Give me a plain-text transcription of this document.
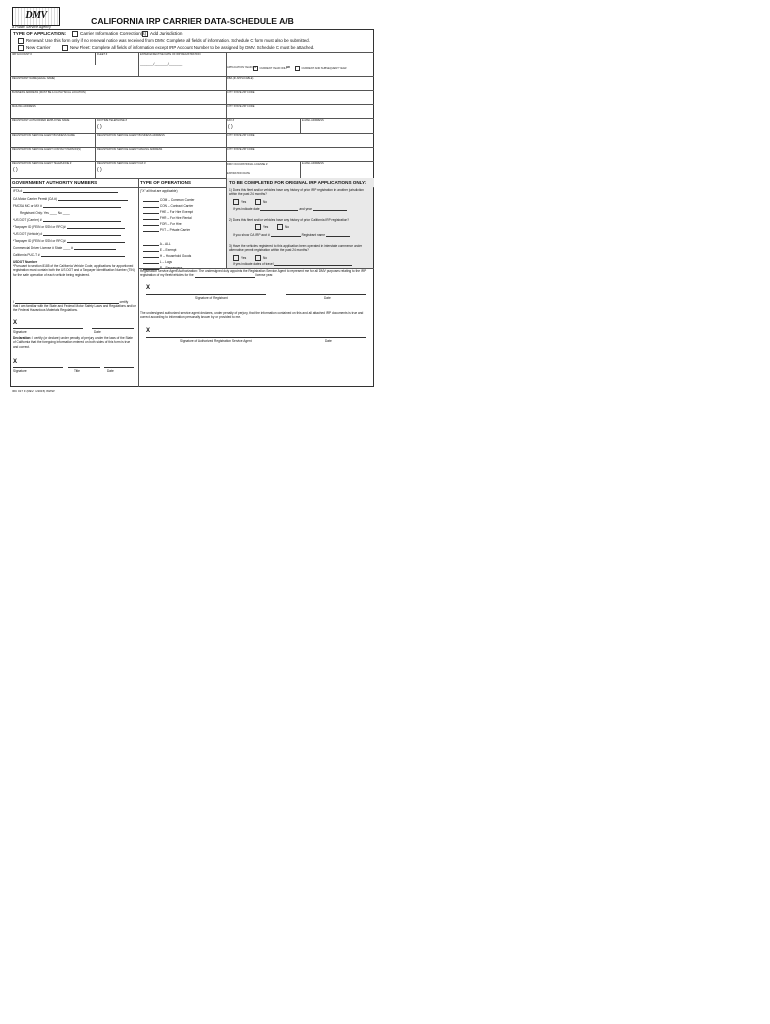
DMV
A Public Service Agency
CALIFORNIA IRP CARRIER DATA-SCHEDULE A/B
TYPE OF APPLICATION:	Carrier Information Correction(s) Add Jurisdiction
Renewal: Use this form only if no renewal notice was received from DMV. Complete all fields of information. Schedule C form must also be submitted.
New Carrier	New Fleet: Complete all fields of information except IRP Account Number to be assigned by DMV. Schedule C must be attached.
IRP ACCOUNT #	FLEET #	ENTER EFFECTIVE DATE OF IRP REGISTRATION
______/______/______
APPLICATION YEAR (IN	CURRENT YEAR ONLY
OR	CURRENT AND SUBSEQUENT YEAR
REGISTRANT NAME(LEGAL NAME)	DBA (IF APPLICABLE)
BUSINESS ADDRESS (MUST BE A CA PHYSICAL LOCATION)	CITY STATE ZIP CODE
MAILING ADDRESS	CITY STATE ZIP CODE
REGISTRANT AUTHORIZED EMPLOYEE NAME	DAYTIME TELEPHONE #
( )
FAX #
( )
E-MAIL ADDRESS
REGISTRATION SERVICE AGENT BUSINESS NAME	REGISTRATION SERVICE AGENT BUSINESS ADDRESS	CITY STATE ZIP CODE
REGISTRATION SERVICE AGENT CONTACT PERSON(S)	REGISTRATION SERVICE AGENT MAILING ADDRESS	CITY STATE ZIP CODE
REGISTRATION SERVICE AGENT TELEPHONE #
( )
REGISTRATION SERVICE AGENT FAX #
( )
DMV OCCUPATIONAL LICENSE #
EXPIRATION DATE
E-MAIL ADDRESS
GOVERNMENT AUTHORITY NUMBERS	TYPE OF OPERATIONS	TO BE COMPLETED FOR ORIGINAL IRP APPLICATIONS ONLY:
IFTA #
CA Motor Carrier Permit (CA #)
FMCSA MC or MX #
Registrant Only: Yes ____ No ____
*US DOT (Carrier) #
*Taxpayer ID (FEIN or SSN or RFC)#
*US DOT (Vehicle) #
*Taxpayer ID (FEIN or SSN or RFC)#
Commercial Driver License # State ____ #
California PUC-T #
USDOT Number
*Pursuant to section 8185 of the California Vehicle Code, applications for apportioned registration must contain both the US DOT and a Taxpayer Identification Number (TIN) for the safe operation of each vehicle being registered.
("X" all that are applicable)
COM – Common Carrier
CON – Contract Carrier
FHE – For Hire Exempt
FHR – For Hire Rental
FOR – For Hire
PVT – Private Carrier
A – ALL
E – Exempt
H – Household Goods
L – Logs
P – Passengers
1) Does this fleet and/or vehicles have any history of prior IRP registration in another jurisdiction within the past 24 months?
Yes	No
If yes indicate date	and year
2) Does this fleet and/or vehicles have any history of prior California IRP registration?
Yes	No
If you show CA IRP acct #	Registrant name
3) Have the vehicles registered to this application been operated in interstate commerce under alternative permit registration within the past 24 months?
Yes	No
If yes indicate dates of travel
Registration Service Agent Authorization: The undersigned duly appoints the Registration Service Agent to represent me for all DMV purposes relating to the IRP registration of my fleet/vehicles for the	license year.
X
Signature of Registrant	Date
The undersigned authorized service agent declares, under penalty of perjury, that the information contained on this and all attached IRP documents is true and correct according to information personally known by or provided to me.
X
Signature of Authorized Registration Service Agent	Date
I	certify
that I am familiar with the State and Federal Motor Safety Laws and Regulations and/or the Federal Hazardous Materials Regulations.
X
Signature	Date
Declaration: I certify (or declare) under penalty of perjury under the laws of the State of California that the foregoing information entered on both sides of this form is true and correct.
X
Signature	Title	Date
IRC 017 F (REV. 1/2015) WWW
